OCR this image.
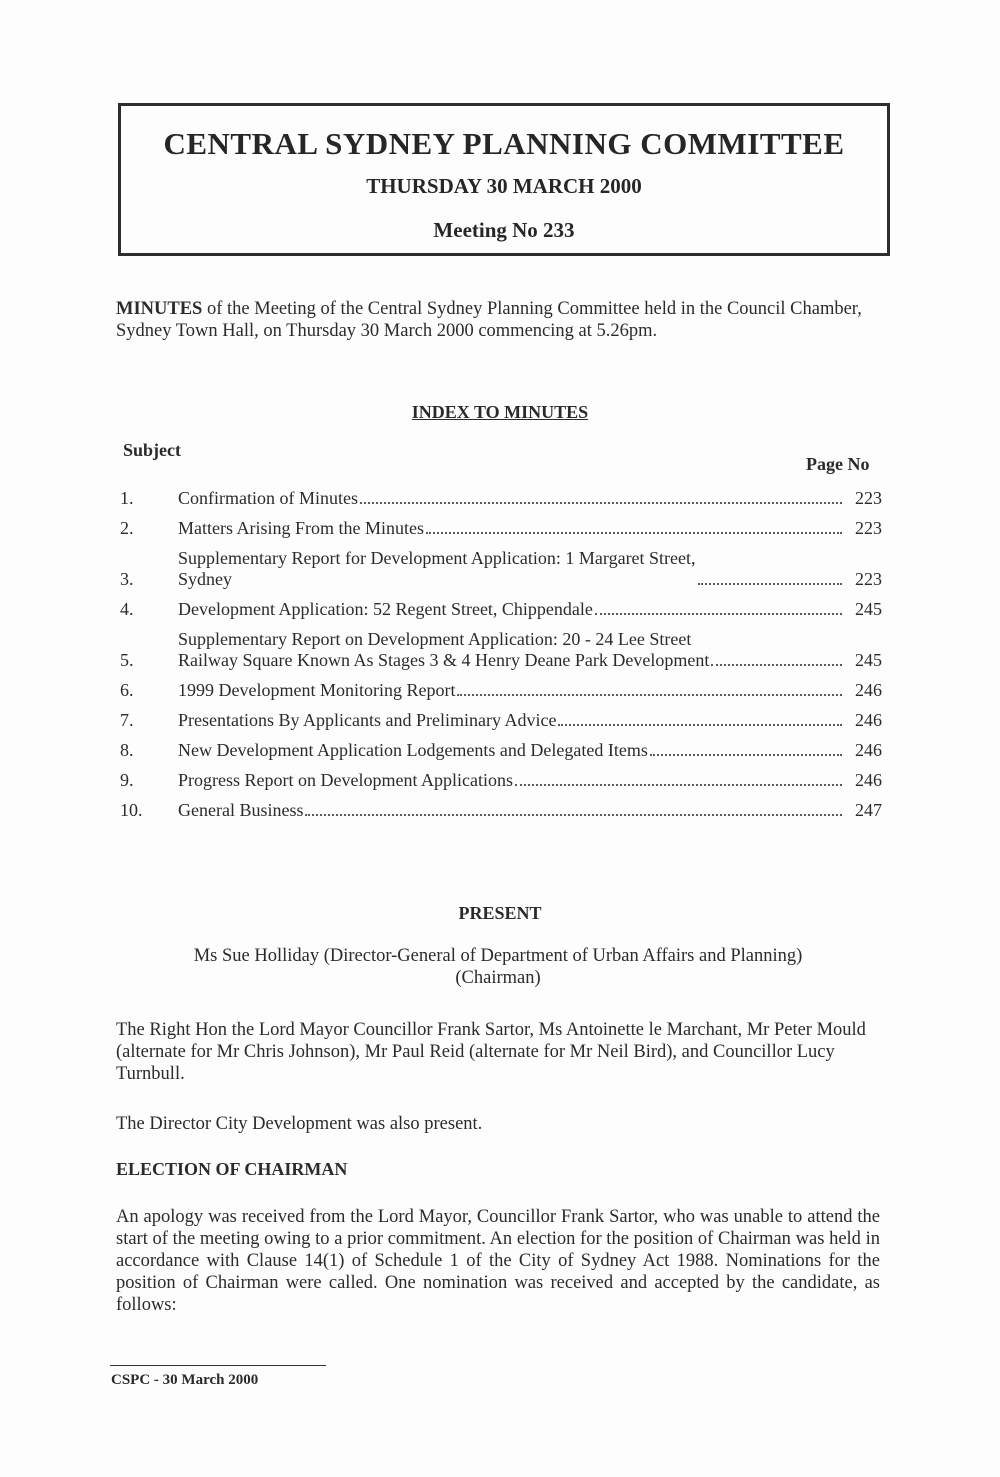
CENTRAL SYDNEY PLANNING COMMITTEE
THURSDAY 30 MARCH 2000
Meeting No 233
MINUTES of the Meeting of the Central Sydney Planning Committee held in the Council Chamber, Sydney Town Hall, on Thursday 30 March 2000 commencing at 5.26pm.
INDEX TO MINUTES
Subject
Page No
1.	Confirmation of Minutes	223
2.	Matters Arising From the Minutes	223
3.
Supplementary Report for Development Application: 1 Margaret Street,
Sydney	223
4.	Development Application: 52 Regent Street, Chippendale	245
5.
Supplementary Report on Development Application: 20 - 24 Lee Street
Railway Square Known As Stages 3 & 4 Henry Deane Park Development	245
6.	1999 Development Monitoring Report	246
7.	Presentations By Applicants and Preliminary Advice	246
8.	New Development Application Lodgements and Delegated Items	246
9.	Progress Report on Development Applications	246
10.	General Business	247
PRESENT
Ms Sue Holliday (Director-General of Department of Urban Affairs and Planning)
(Chairman)
The Right Hon the Lord Mayor Councillor Frank Sartor, Ms Antoinette le Marchant, Mr Peter Mould (alternate for Mr Chris Johnson), Mr Paul Reid (alternate for Mr Neil Bird), and Councillor Lucy Turnbull.
The Director City Development was also present.
ELECTION OF CHAIRMAN
An apology was received from the Lord Mayor, Councillor Frank Sartor, who was unable to attend the start of the meeting owing to a prior commitment. An election for the position of Chairman was held in accordance with Clause 14(1) of Schedule 1 of the City of Sydney Act 1988. Nominations for the position of Chairman were called. One nomination was received and accepted by the candidate, as follows:
CSPC - 30 March 2000
